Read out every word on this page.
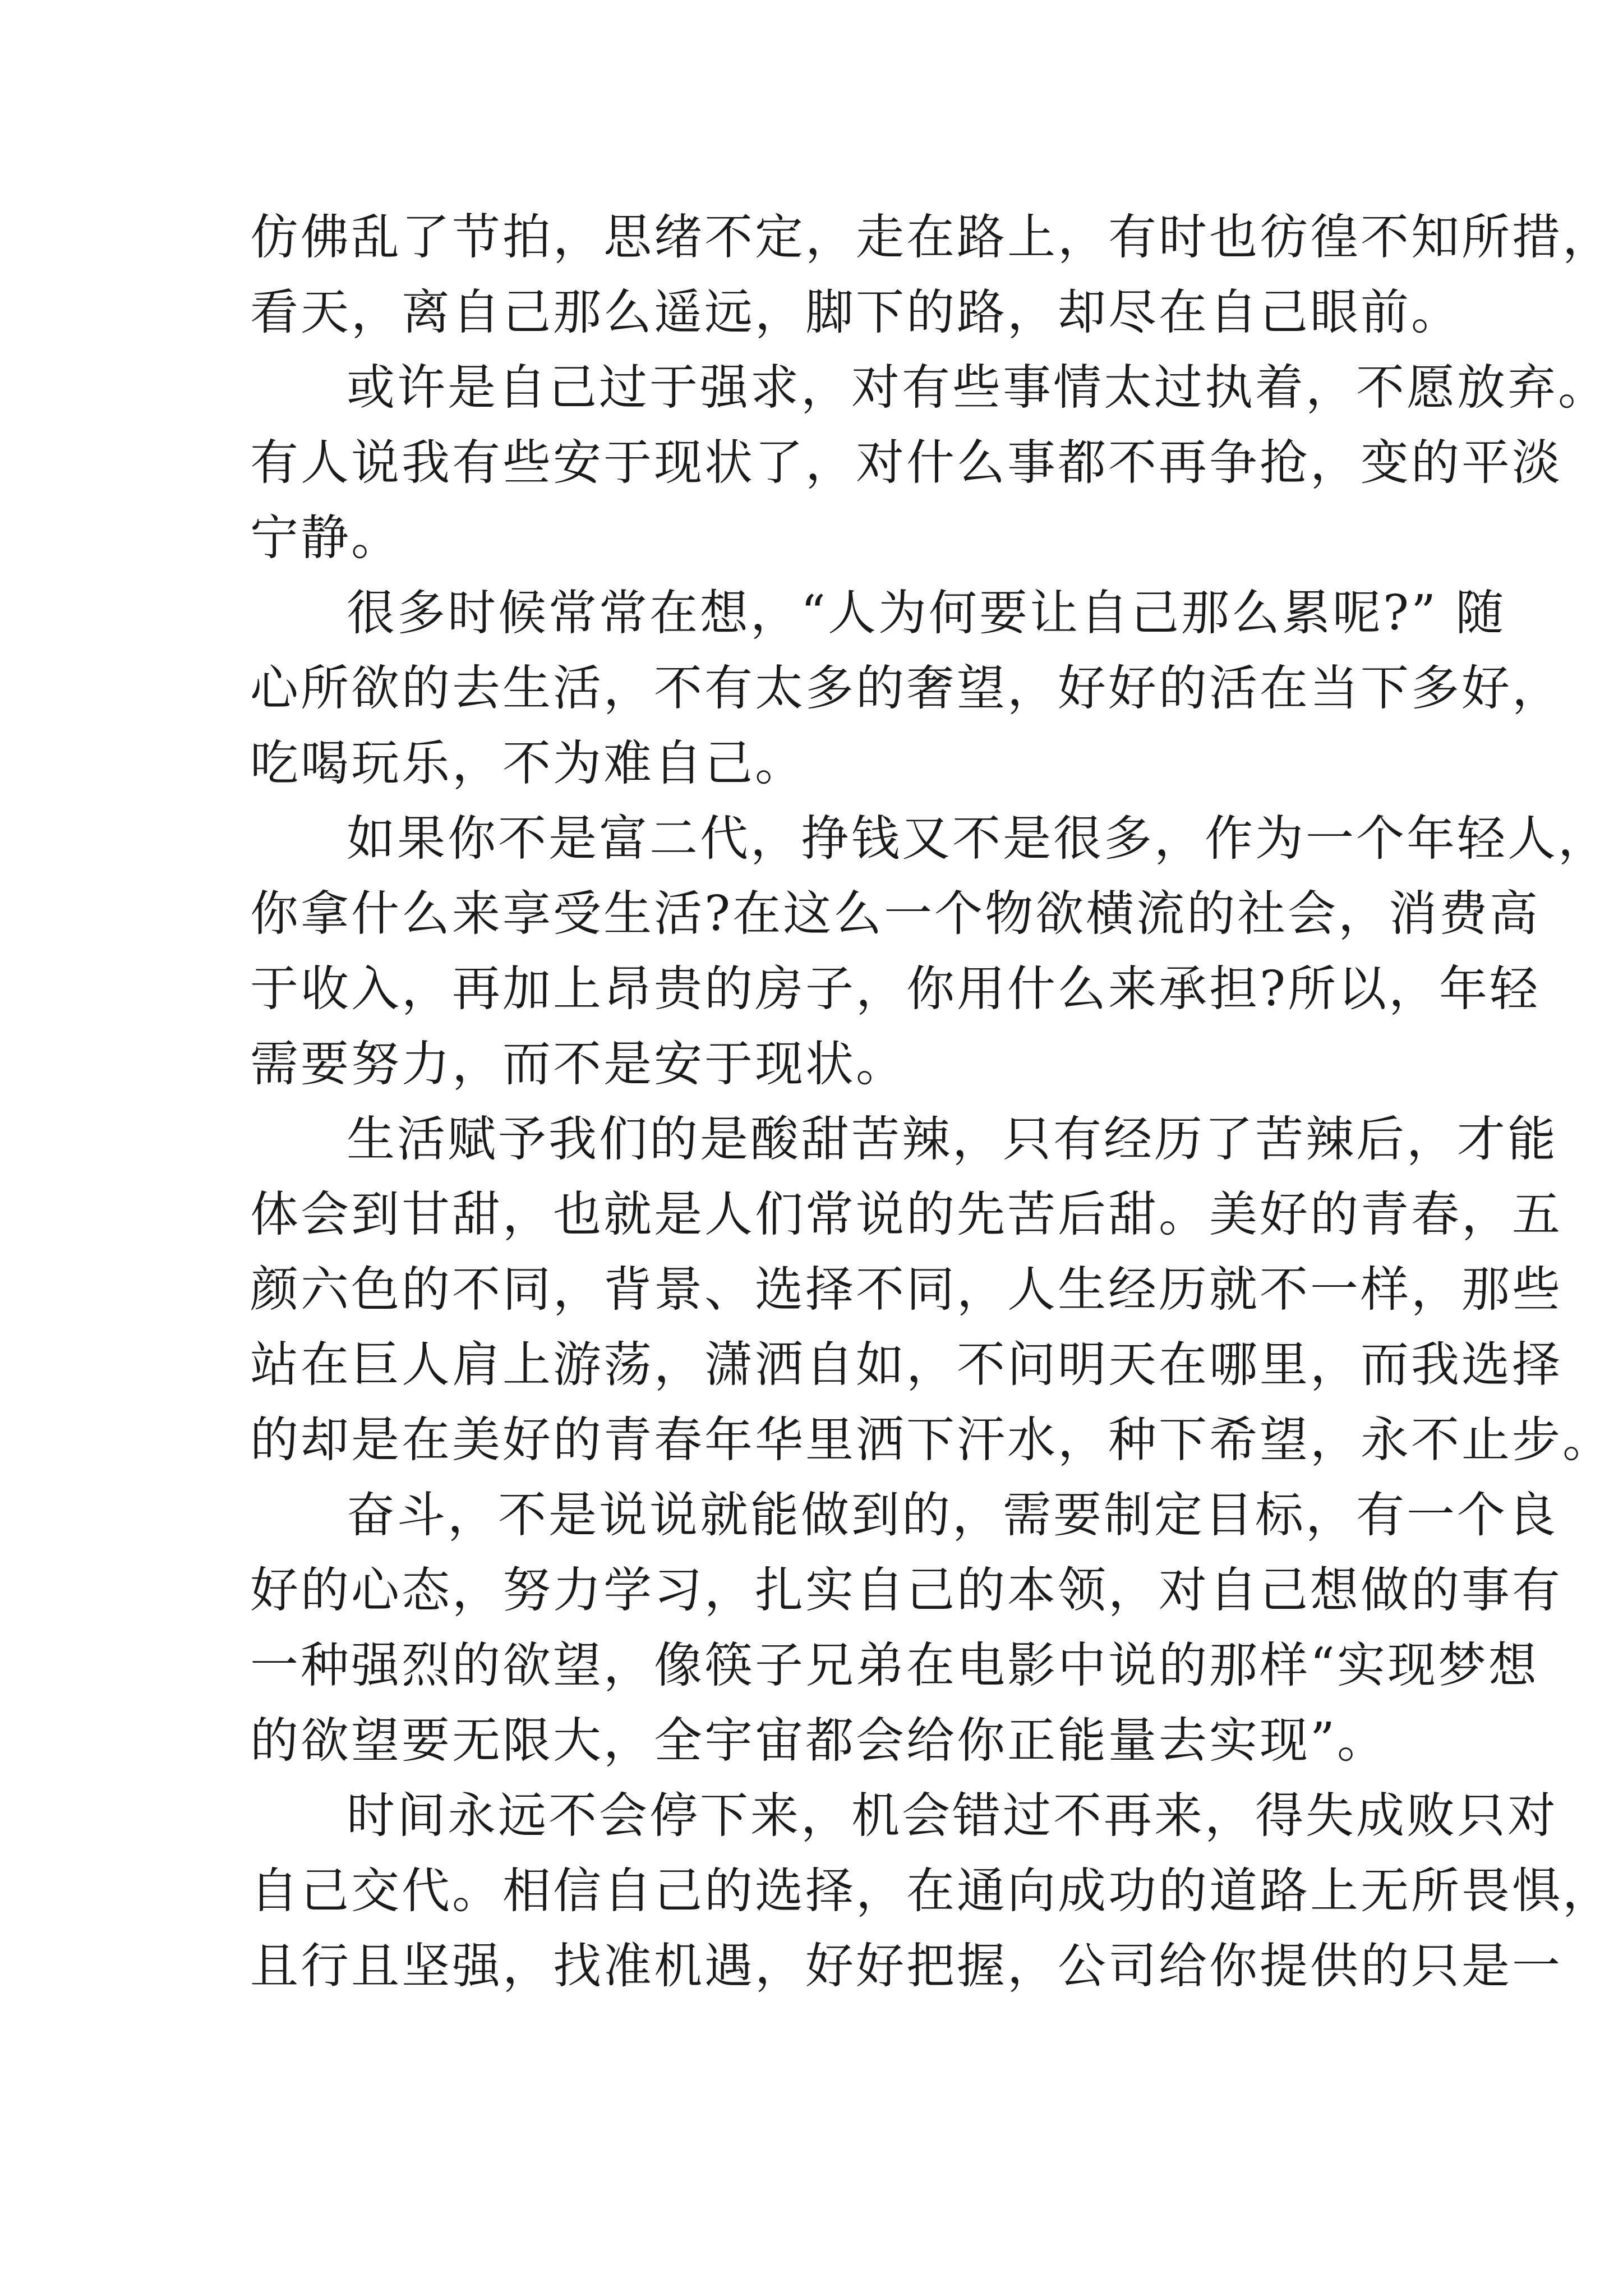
仿佛乱了节拍，思绪不定，走在路上，有时也彷徨不知所措，
看天，离自己那么遥远，脚下的路，却尽在自己眼前。
或许是自己过于强求，对有些事情太过执着，不愿放弃。
有人说我有些安于现状了，对什么事都不再争抢，变的平淡
宁静。
很多时候常常在想，“人为何要让自己那么累呢?” 随
心所欲的去生活，不有太多的奢望，好好的活在当下多好，
吃喝玩乐，不为难自己。
如果你不是富二代，挣钱又不是很多，作为一个年轻人，
你拿什么来享受生活?在这么一个物欲横流的社会，消费高
于收入，再加上昂贵的房子，你用什么来承担?所以，年轻
需要努力，而不是安于现状。
生活赋予我们的是酸甜苦辣，只有经历了苦辣后，才能
体会到甘甜，也就是人们常说的先苦后甜。美好的青春，五
颜六色的不同，背景、选择不同，人生经历就不一样，那些
站在巨人肩上游荡，潇洒自如，不问明天在哪里，而我选择
的却是在美好的青春年华里洒下汗水，种下希望，永不止步。
奋斗，不是说说就能做到的，需要制定目标，有一个良
好的心态，努力学习，扎实自己的本领，对自己想做的事有
一种强烈的欲望，像筷子兄弟在电影中说的那样“实现梦想
的欲望要无限大，全宇宙都会给你正能量去实现”。
时间永远不会停下来，机会错过不再来，得失成败只对
自己交代。相信自己的选择，在通向成功的道路上无所畏惧，
且行且坚强，找准机遇，好好把握，公司给你提供的只是一
